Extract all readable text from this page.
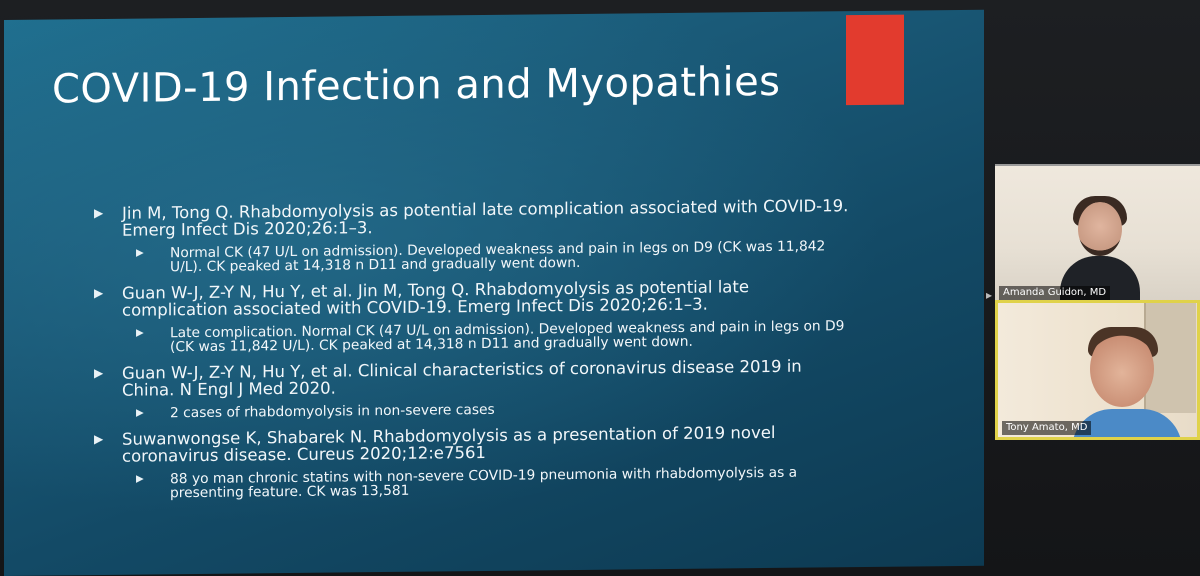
COVID-19 Infection and Myopathies
▶ Jin M, Tong Q. Rhabdomyolysis as potential late complication associated with COVID-19. Emerg Infect Dis 2020;26:1–3.
▶ Normal CK (47 U/L on admission). Developed weakness and pain in legs on D9 (CK was 11,842 U/L). CK peaked at 14,318 n D11 and gradually went down.
▶ Guan W-J, Z-Y N, Hu Y, et al. Jin M, Tong Q. Rhabdomyolysis as potential late complication associated with COVID-19. Emerg Infect Dis 2020;26:1–3.
▶ Late complication. Normal CK (47 U/L on admission). Developed weakness and pain in legs on D9 (CK was 11,842 U/L). CK peaked at 14,318 n D11 and gradually went down.
▶ Guan W-J, Z-Y N, Hu Y, et al. Clinical characteristics of coronavirus disease 2019 in China. N Engl J Med 2020.
▶ 2 cases of rhabdomyolysis in non-severe cases
▶ Suwanwongse K, Shabarek N. Rhabdomyolysis as a presentation of 2019 novel coronavirus disease. Cureus 2020;12:e7561
▶ 88 yo man chronic statins with non-severe COVID-19 pneumonia with rhabdomyolysis as a presenting feature. CK was 13,581
▸	Amanda Guidon, MD
Tony Amato, MD
